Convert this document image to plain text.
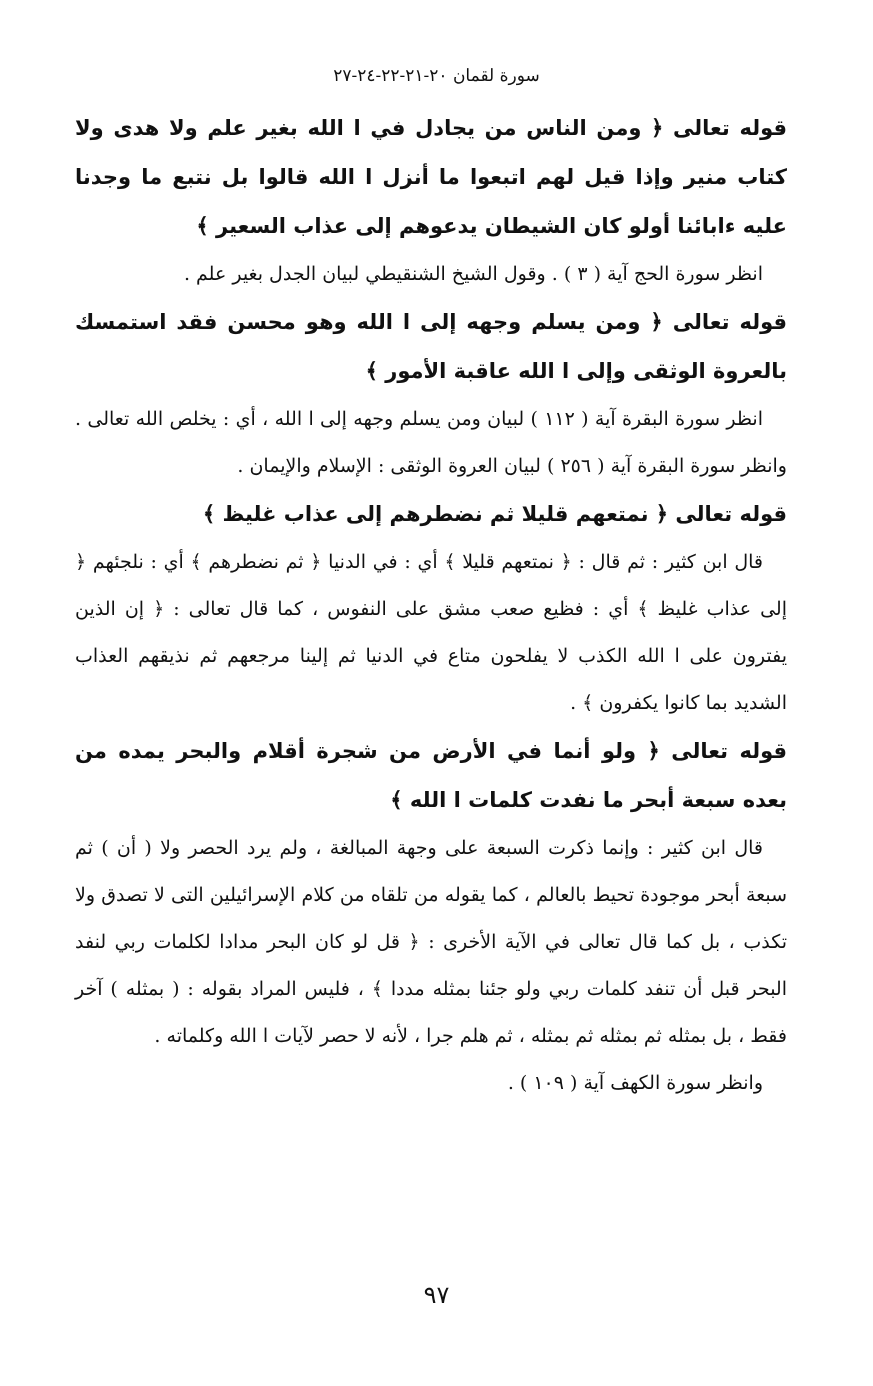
سورة لقمان ٢٠-٢١-٢٢-٢٤-٢٧

قوله تعالى ﴿ ومن الناس من يجادل في ا الله بغير علم ولا هدى ولا كتاب منير وإذا قيل لهم اتبعوا ما أنزل ا الله قالوا بل نتبع ما وجدنا عليه ءابائنا أولو كان الشيطان يدعوهم إلى عذاب السعير ﴾

انظر سورة الحج آية ( ٣ ) . وقول الشيخ الشنقيطي لبيان الجدل بغير علم .

قوله تعالى ﴿ ومن يسلم وجهه إلى ا الله وهو محسن فقد استمسك بالعروة الوثقى وإلى ا الله عاقبة الأمور ﴾

انظر سورة البقرة آية ( ١١٢ ) لبيان ومن يسلم وجهه إلى ا الله ، أي : يخلص الله تعالى . وانظر سورة البقرة آية ( ٢٥٦ ) لبيان العروة الوثقى : الإسلام والإيمان .

قوله تعالى ﴿ نمتعهم قليلا ثم نضطرهم إلى عذاب غليظ ﴾

قال ابن كثير : ثم قال : ﴿ نمتعهم قليلا ﴾ أي : في الدنيا ﴿ ثم نضطرهم ﴾ أي : نلجئهم ﴿ إلى عذاب غليظ ﴾ أي : فظيع صعب مشق على النفوس ، كما قال تعالى : ﴿ إن الذين يفترون على ا الله الكذب لا يفلحون متاع في الدنيا ثم إلينا مرجعهم ثم نذيقهم العذاب الشديد بما كانوا يكفرون ﴾ .

قوله تعالى ﴿ ولو أنما في الأرض من شجرة أقلام والبحر يمده من بعده سبعة أبحر ما نفدت كلمات ا الله ﴾

قال ابن كثير : وإنما ذكرت السبعة على وجهة المبالغة ، ولم يرد الحصر ولا ( أن ) ثم سبعة أبحر موجودة تحيط بالعالم ، كما يقوله من تلقاه من كلام الإسرائيلين التى لا تصدق ولا تكذب ، بل كما قال تعالى في الآية الأخرى : ﴿ قل لو كان البحر مدادا لكلمات ربي لنفد البحر قبل أن تنفد كلمات ربي ولو جئنا بمثله مددا ﴾ ، فليس المراد بقوله : ( بمثله ) آخر فقط ، بل بمثله ثم بمثله ثم بمثله ، ثم هلم جرا ، لأنه لا حصر لآيات ا الله وكلماته .

وانظر سورة الكهف آية ( ١٠٩ ) .

٩٧
